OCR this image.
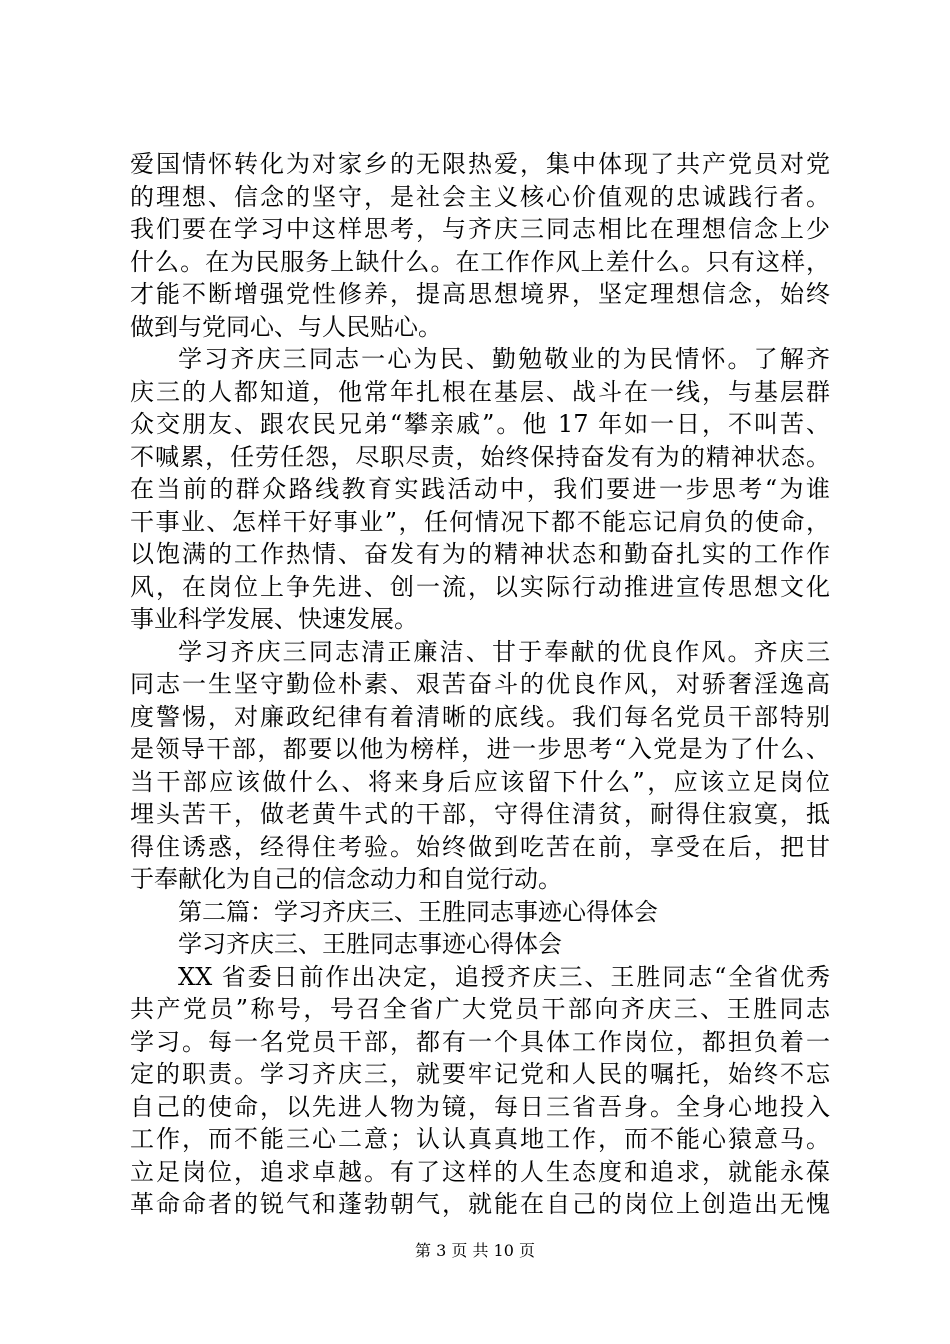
爱国情怀转化为对家乡的无限热爱，集中体现了共产党员对党
的理想、信念的坚守，是社会主义核心价值观的忠诚践行者。
我们要在学习中这样思考，与齐庆三同志相比在理想信念上少
什么。在为民服务上缺什么。在工作作风上差什么。只有这样，
才能不断增强党性修养，提高思想境界，坚定理想信念，始终
做到与党同心、与人民贴心。
学习齐庆三同志一心为民、勤勉敬业的为民情怀。了解齐
庆三的人都知道，他常年扎根在基层、战斗在一线，与基层群
众交朋友、跟农民兄弟“攀亲戚”。他 17 年如一日，不叫苦、
不喊累，任劳任怨，尽职尽责，始终保持奋发有为的精神状态。
在当前的群众路线教育实践活动中，我们要进一步思考“为谁
干事业、怎样干好事业”，任何情况下都不能忘记肩负的使命，
以饱满的工作热情、奋发有为的精神状态和勤奋扎实的工作作
风，在岗位上争先进、创一流，以实际行动推进宣传思想文化
事业科学发展、快速发展。
学习齐庆三同志清正廉洁、甘于奉献的优良作风。齐庆三
同志一生坚守勤俭朴素、艰苦奋斗的优良作风，对骄奢淫逸高
度警惕，对廉政纪律有着清晰的底线。我们每名党员干部特别
是领导干部，都要以他为榜样，进一步思考“入党是为了什么、
当干部应该做什么、将来身后应该留下什么”，应该立足岗位
埋头苦干，做老黄牛式的干部，守得住清贫，耐得住寂寞，抵
得住诱惑，经得住考验。始终做到吃苦在前，享受在后，把甘
于奉献化为自己的信念动力和自觉行动。
第二篇：学习齐庆三、王胜同志事迹心得体会
学习齐庆三、王胜同志事迹心得体会
XX 省委日前作出决定，追授齐庆三、王胜同志“全省优秀
共产党员”称号，号召全省广大党员干部向齐庆三、王胜同志
学习。每一名党员干部，都有一个具体工作岗位，都担负着一
定的职责。学习齐庆三，就要牢记党和人民的嘱托，始终不忘
自己的使命，以先进人物为镜，每日三省吾身。全身心地投入
工作，而不能三心二意；认认真真地工作，而不能心猿意马。
立足岗位，追求卓越。有了这样的人生态度和追求，就能永葆
革命命者的锐气和蓬勃朝气，就能在自己的岗位上创造出无愧
第 3 页 共 10 页
